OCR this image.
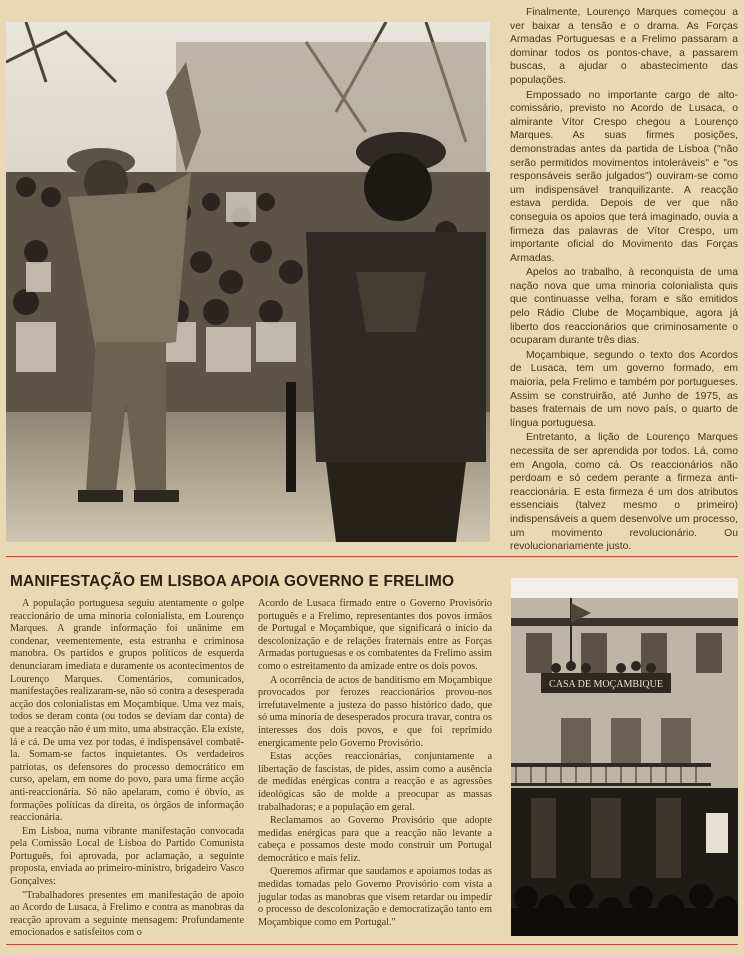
Finalmente, Lourenço Marques começou a ver baixar a tensão e o drama. As Forças Armadas Portuguesas e a Frelimo passaram a dominar todos os pontos-chave, a passarem buscas, a ajudar o abastecimento das populações.

Empossado no importante cargo de alto-comissário, previsto no Acordo de Lusaca, o almirante Vítor Crespo chegou a Lourenço Marques. As suas firmes posições, demonstradas antes da partida de Lisboa ("não serão permitidos movimentos intoleráveis" e "os responsáveis serão julgados") ouviram-se como um indispensável tranquilizante. A reacção estava perdida. Depois de ver que não conseguia os apoios que terá imaginado, ouvia a firmeza das palavras de Vítor Crespo, um importante oficial do Movimento das Forças Armadas.

Apelos ao trabalho, à reconquista de uma nação nova que uma minoria colonialista quis que continuasse velha, foram e são emitidos pelo Rádio Clube de Moçambique, agora já liberto dos reaccionários que criminosamente o ocuparam durante três dias.

Moçambique, segundo o texto dos Acordos de Lusaca, tem um governo formado, em maioria, pela Frelimo e também por portugueses. Assim se construirão, até Junho de 1975, as bases fraternais de um novo país, o quarto de língua portuguesa.

Entretanto, a lição de Lourenço Marques necessita de ser aprendida por todos. Lá, como em Angola, como cá. Os reaccionários não perdoam e só cedem perante a firmeza anti-reaccionária. E esta firmeza é um dos atributos essenciais (talvez mesmo o primeiro) indispensáveis a quem desenvolve um processo, um movimento revolucionário. Ou revolucionariamente justo.

MANIFESTAÇÃO EM LISBOA APOIA GOVERNO E FRELIMO

A população portuguesa seguiu atentamente o golpe reaccionário de uma minoria colonialista, em Lourenço Marques. A grande informação foi unânime em condenar, veementemente, esta estranha e criminosa manobra. Os partidos e grupos políticos de esquerda denunciaram imediata e duramente os acontecimentos de Lourenço Marques. Comentários, comunicados, manifestações realizaram-se, não só contra a desesperada acção dos colonialistas em Moçambique. Uma vez mais, todos se deram conta (ou todos se deviam dar conta) de que a reacção não é um mito, uma abstracção. Ela existe, lá e cá. De uma vez por todas, é indispensável combatê-la. Somam-se factos inquietantes. Os verdadeiros patriotas, os defensores do processo democrático em curso, apelam, em nome do povo, para uma firme acção anti-reaccionária. Só não apelaram, como é óbvio, as formações políticas da direita, os órgãos de informação reaccionária.

Em Lisboa, numa vibrante manifestação convocada pela Comissão Local de Lisboa do Partido Comunista Português, foi aprovada, por aclamação, a seguinte proposta, enviada ao primeiro-ministro, brigadeiro Vasco Gonçalves:

"Trabalhadores presentes em manifestação de apoio ao Acordo de Lusaca, à Frelimo e contra as manobras da reacção aprovam a seguinte mensagem: Profundamente emocionados e satisfeitos com o

Acordo de Lusaca firmado entre o Governo Provisório português e a Frelimo, representantes dos povos irmãos de Portugal e Moçambique, que significará o início da descolonização e de relações fraternais entre as Forças Armadas portuguesas e os combatentes da Frelimo assim como o estreitamento da amizade entre os dois povos.

A ocorrência de actos de banditismo em Moçambique provocados por ferozes reaccionários provou-nos irrefutavelmente a justeza do passo histórico dado, que só uma minoria de desesperados procura travar, contra os interesses dos dois povos, e que foi reprimido energicamente pelo Governo Provisório.

Estas acções reaccionárias, conjuntamente a libertação de fascistas, de pides, assim como a ausência de medidas enérgicas contra a reacção e as agressões ideológicas são de molde a preocupar as massas trabalhadoras; e a população em geral.

Reclamamos ao Governo Provisório que adopte medidas enérgicas para que a reacção não levante a cabeça e possamos deste modo construir um Portugal democrático e mais feliz.

Queremos afirmar que saudamos e apoiamos todas as medidas tomadas pelo Governo Provisório com vista a jugular todas as manobras que visem retardar ou impedir o processo de descolonização e democratização tanto em Moçambique como em Portugal."

CASA DE MOÇAMBIQUE
